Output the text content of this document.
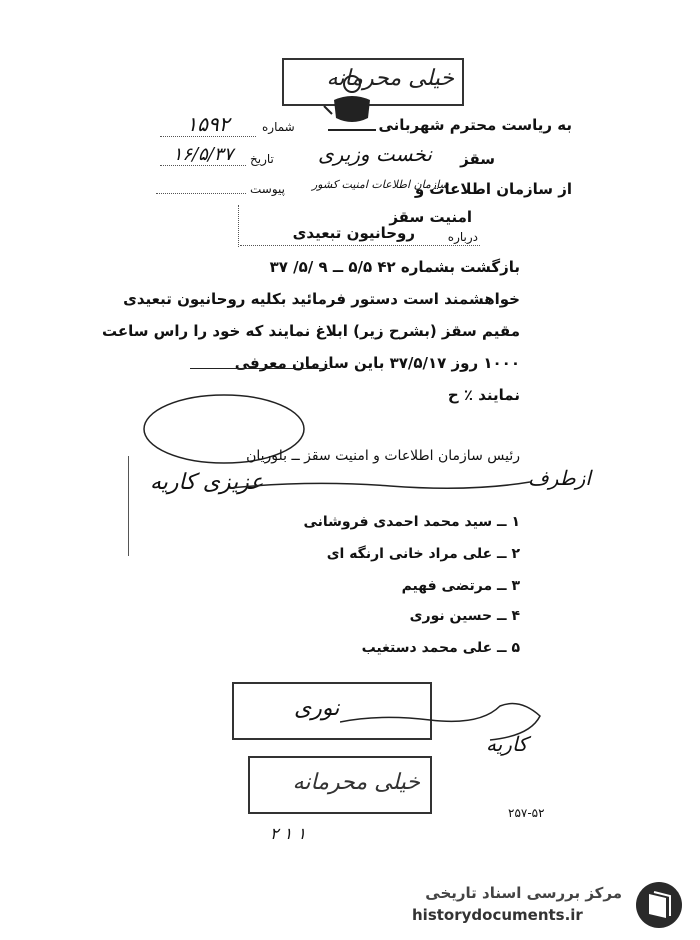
خیلی محرمانه
به ریاست محترم شهربانی
سقز
نخست وزیری
از سازمان اطلاعات و
سازمان اطلاعات امنیت کشور
امنیت سقز
شماره
۱۵۹۲
تاریخ
۱۶/۵/۳۷
پیوست
درباره
روحانیون تبعیدی
بازگشت بشماره ۴۲ ۵/۵ ــ ۹ /۵/ ۳۷
خواهشمند است دستور فرمائید بکلیه روحانیون تبعیدی
مقیم سقز (بشرح زیر) ابلاغ نمایند که خود را راس ساعت
۱۰۰۰ روز ۳۷/۵/۱۷ باین سازمان معرفی
نمایند ٪ ح
رئیس سازمان اطلاعات و امنیت سقز ــ بلوریان
ازطرف
عزیزی کاریه
۱ ــ سید محمد احمدی فروشانی
۲ ــ علی مراد خانی ارنگه ای
۳ ــ مرتضی فهیم
۴ ــ حسین نوری
۵ ــ علی محمد دستغیب
نوری
کاریه
خیلی محرمانه
۲۵۷-۵۲
۲ ۱ ۱
مرکز بررسی اسناد تاریخی
historydocuments.ir
